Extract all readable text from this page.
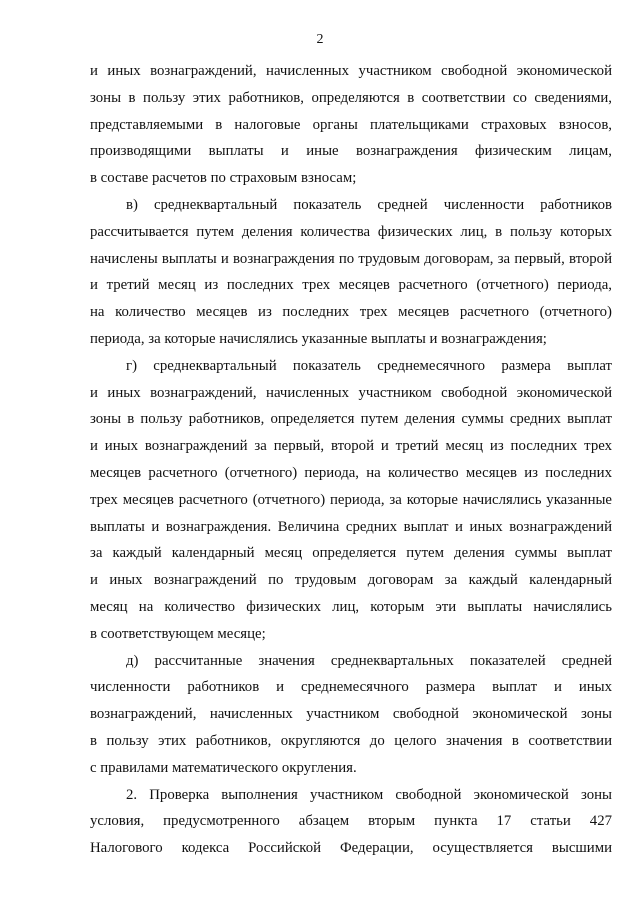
2
и иных вознаграждений, начисленных участником свободной экономической
зоны в пользу этих работников, определяются в соответствии со сведениями,
представляемыми в налоговые органы плательщиками страховых взносов,
производящими выплаты и иные вознаграждения физическим лицам,
в составе расчетов по страховым взносам;
в) среднеквартальный показатель средней численности работников
рассчитывается путем деления количества физических лиц, в пользу которых
начислены выплаты и вознаграждения по трудовым договорам, за первый, второй
и третий месяц из последних трех месяцев расчетного (отчетного) периода,
на количество месяцев из последних трех месяцев расчетного (отчетного)
периода, за которые начислялись указанные выплаты и вознаграждения;
г) среднеквартальный показатель среднемесячного размера выплат
и иных вознаграждений, начисленных участником свободной экономической
зоны в пользу работников, определяется путем деления суммы средних выплат
и иных вознаграждений за первый, второй и третий месяц из последних трех
месяцев расчетного (отчетного) периода, на количество месяцев из последних
трех месяцев расчетного (отчетного) периода, за которые начислялись указанные
выплаты и вознаграждения. Величина средних выплат и иных вознаграждений
за каждый календарный месяц определяется путем деления суммы выплат
и иных вознаграждений по трудовым договорам за каждый календарный
месяц на количество физических лиц, которым эти выплаты начислялись
в соответствующем месяце;
д) рассчитанные значения среднеквартальных показателей средней
численности работников и среднемесячного размера выплат и иных
вознаграждений, начисленных участником свободной экономической зоны
в пользу этих работников, округляются до целого значения в соответствии
с правилами математического округления.
2. Проверка выполнения участником свободной экономической зоны
условия, предусмотренного абзацем вторым пункта 17 статьи 427
Налогового кодекса Российской Федерации, осуществляется высшими
